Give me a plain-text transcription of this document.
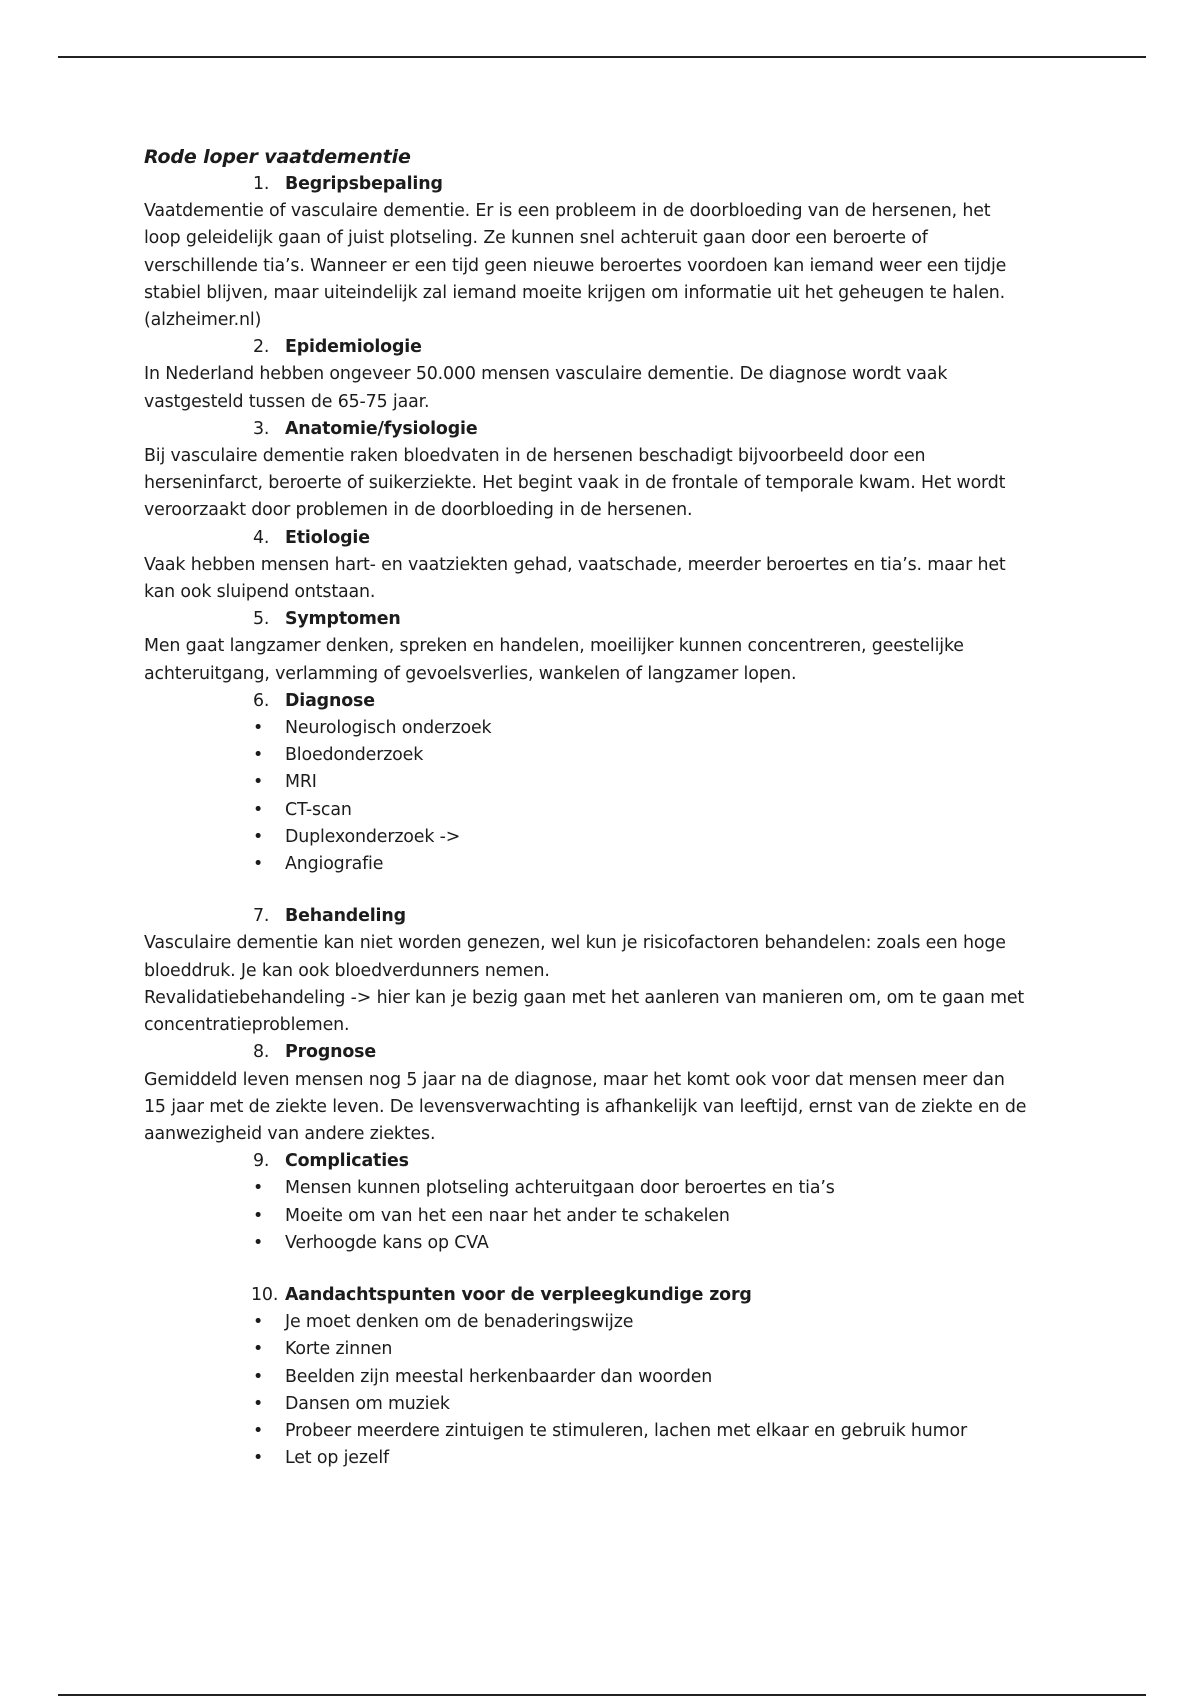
Rode loper vaatdementie

1. Begripsbepaling

Vaatdementie of vasculaire dementie. Er is een probleem in de doorbloeding van de hersenen, het
loop geleidelijk gaan of juist plotseling. Ze kunnen snel achteruit gaan door een beroerte of
verschillende tia’s. Wanneer er een tijd geen nieuwe beroertes voordoen kan iemand weer een tijdje
stabiel blijven, maar uiteindelijk zal iemand moeite krijgen om informatie uit het geheugen te halen.
(alzheimer.nl)

2. Epidemiologie

In Nederland hebben ongeveer 50.000 mensen vasculaire dementie. De diagnose wordt vaak
vastgesteld tussen de 65-75 jaar.

3. Anatomie/fysiologie

Bij vasculaire dementie raken bloedvaten in de hersenen beschadigt bijvoorbeeld door een
herseninfarct, beroerte of suikerziekte. Het begint vaak in de frontale of temporale kwam. Het wordt
veroorzaakt door problemen in de doorbloeding in de hersenen.

4. Etiologie

Vaak hebben mensen hart- en vaatziekten gehad, vaatschade, meerder beroertes en tia’s. maar het
kan ook sluipend ontstaan.

5. Symptomen

Men gaat langzamer denken, spreken en handelen, moeilijker kunnen concentreren, geestelijke
achteruitgang, verlamming of gevoelsverlies, wankelen of langzamer lopen.

6. Diagnose

• Neurologisch onderzoek
• Bloedonderzoek
• MRI
• CT-scan
• Duplexonderzoek ->
• Angiografie

7. Behandeling

Vasculaire dementie kan niet worden genezen, wel kun je risicofactoren behandelen: zoals een hoge
bloeddruk. Je kan ook bloedverdunners nemen.
Revalidatiebehandeling -> hier kan je bezig gaan met het aanleren van manieren om, om te gaan met
concentratieproblemen.

8. Prognose

Gemiddeld leven mensen nog 5 jaar na de diagnose, maar het komt ook voor dat mensen meer dan
15 jaar met de ziekte leven. De levensverwachting is afhankelijk van leeftijd, ernst van de ziekte en de
aanwezigheid van andere ziektes.

9. Complicaties

• Mensen kunnen plotseling achteruitgaan door beroertes en tia’s
• Moeite om van het een naar het ander te schakelen
• Verhoogde kans op CVA

10. Aandachtspunten voor de verpleegkundige zorg

• Je moet denken om de benaderingswijze
• Korte zinnen
• Beelden zijn meestal herkenbaarder dan woorden
• Dansen om muziek
• Probeer meerdere zintuigen te stimuleren, lachen met elkaar en gebruik humor
• Let op jezelf
